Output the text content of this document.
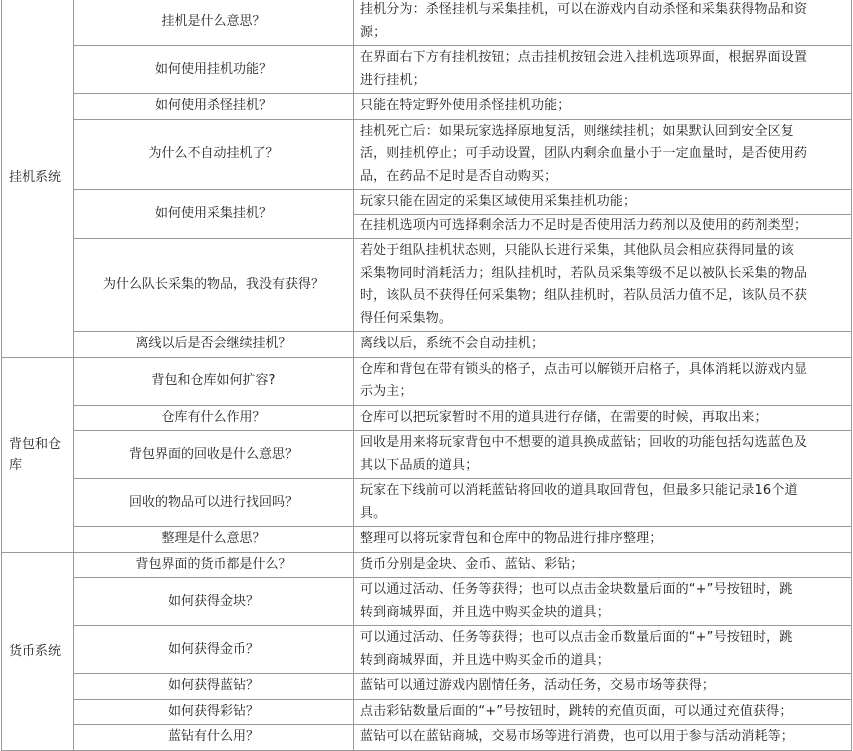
挂机系统	挂机是什么意思？	挂机分为：杀怪挂机与采集挂机，可以在游戏内自动杀怪和采集获得物品和资
源；

	如何使用挂机功能？	在界面右下方有挂机按钮；点击挂机按钮会进入挂机选项界面，根据界面设置
进行挂机；

	如何使用杀怪挂机？	只能在特定野外使用杀怪挂机功能；

	为什么不自动挂机了？	挂机死亡后：如果玩家选择原地复活，则继续挂机；如果默认回到安全区复
活，则挂机停止；可手动设置，团队内剩余血量小于一定血量时，是否使用药
品，在药品不足时是否自动购买；

	如何使用采集挂机？	玩家只能在固定的采集区域使用采集挂机功能；
在挂机选项内可选择剩余活力不足时是否使用活力药剂以及使用的药剂类型；

	为什么队长采集的物品，我没有获得？	若处于组队挂机状态则，只能队长进行采集，其他队员会相应获得同量的该
采集物同时消耗活力；组队挂机时，若队员采集等级不足以被队长采集的物品
时，该队员不获得任何采集物；组队挂机时，若队员活力值不足，该队员不获
得任何采集物。

	离线以后是否会继续挂机？	离线以后，系统不会自动挂机；

背包和仓库	背包和仓库如何扩容?	仓库和背包在带有锁头的格子，点击可以解锁开启格子，具体消耗以游戏内显
示为主；

	仓库有什么作用？	仓库可以把玩家暂时不用的道具进行存储，在需要的时候，再取出来；

	背包界面的回收是什么意思？	回收是用来将玩家背包中不想要的道具换成蓝钻；回收的功能包括勾选蓝色及
其以下品质的道具；

	回收的物品可以进行找回吗？	玩家在下线前可以消耗蓝钻将回收的道具取回背包，但最多只能记录16个道
具。

	整理是什么意思？	整理可以将玩家背包和仓库中的物品进行排序整理；

货币系统	背包界面的货币都是什么？	货币分别是金块、金币、蓝钻、彩钻；

	如何获得金块？	可以通过活动、任务等获得；也可以点击金块数量后面的“+”号按钮时，跳
转到商城界面，并且选中购买金块的道具；

	如何获得金币？	可以通过活动、任务等获得；也可以点击金币数量后面的“+”号按钮时，跳
转到商城界面，并且选中购买金币的道具；

	如何获得蓝钻？	蓝钻可以通过游戏内剧情任务，活动任务，交易市场等获得；

	如何获得彩钻？	点击彩钻数量后面的“+”号按钮时，跳转的充值页面，可以通过充值获得；

	蓝钻有什么用？	蓝钻可以在蓝钻商城，交易市场等进行消费，也可以用于参与活动消耗等；
